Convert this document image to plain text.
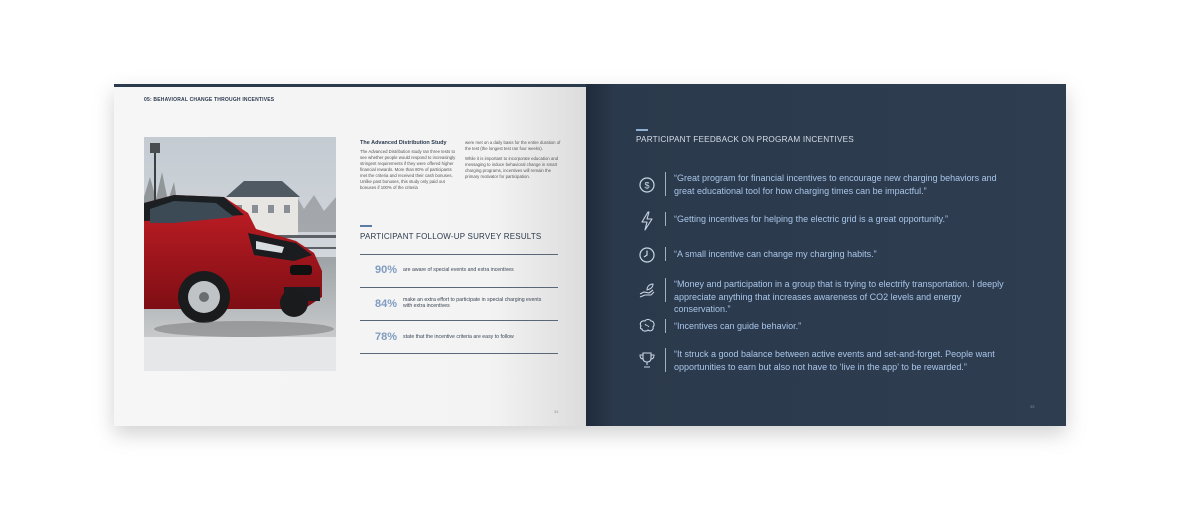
05: BEHAVIORAL CHANGE THROUGH INCENTIVES
The Advanced Distribution Study
The Advanced Distribution study ran three tests to see whether people would respond to increasingly stringent requirements if they were offered higher financial rewards. More than 80% of participants met the criteria and received their cash bonuses. Unlike past bonuses, this study only paid out bonuses if 100% of the criteria

were met on a daily basis for the entire duration of the test (the longest test ran four weeks).

While it is important to incorporate education and messaging to induce behavioral change in smart charging programs, incentives will remain the primary motivator for participation.

PARTICIPANT FOLLOW-UP SURVEY RESULTS
90% are aware of special events and extra incentives
84% make an extra effort to participate in special charging events with extra incentives
78% state that the incentive criteria are easy to follow
34
PARTICIPANT FEEDBACK ON PROGRAM INCENTIVES
$
“Great program for financial incentives to encourage new charging behaviors and great educational tool for how charging times can be impactful.”
“Getting incentives for helping the electric grid is a great opportunity.”
“A small incentive can change my charging habits.”
“Money and participation in a group that is trying to electrify transportation. I deeply appreciate anything that increases awareness of CO2 levels and energy conservation.”
“Incentives can guide behavior.”
“It struck a good balance between active events and set-and-forget. People want opportunities to earn but also not have to ‘live in the app’ to be rewarded.”
35
